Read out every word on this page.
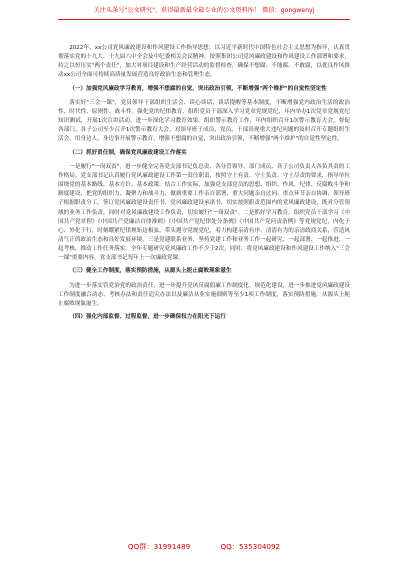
关注头条号"公文研究"，获得最新最全最专业的公文资料库！ 微信：gongwenyj

2022年，xx公司党风廉政建设和作风建设工作指导思想：以习近平新时代中国特色社会主义思想为指导，认真贯彻落实党的十九大、十九届六中全会及中纪委相关会议精神，按照集团公司党风廉政建设和作风建设工作部署和要求，持之以恒压实"两个责任"，加大对项目建设和生产经营活动的监督检查，确保不想腐、不能腐、不敢腐，以优良作风推动xx公司全面可持续高质量发展营造良好政治生态和管理生态。

（一）加强党风廉政学习教育，增强不想腐的自觉，突出政治引领，不断增强"两个维护"的自觉性坚定性

落实好"三会一课"，党员领导干部组织生活会、谈心谈话、谈话提醒等基本制度，不断增强党内政治生活的政治性、时代性、原则性、战斗性。强化党的纪律教育，组织党员干部深入学习党章党规党纪，年内举办1次党章党规党纪知识测试，开展1次宣讲活动，进一步深化学习教育效果。组织警示教育工作，年内组织召开1次警示教育大会，督促各部门、各子公司至少召开1次警示教育大会，对领导班子成员、党员、干部出现重大违纪问题的及时召开专题组织生活会，用身边人、身边事开展警示教育，增强不想腐的自觉，突出政治引领，不断增强"两个维护"的自觉性坚定性。

（二）抓好责任制，确保党风廉政建设工作落实

一是履行"一岗双责"，进一步健全完善党支部书记负总责、各分管领导、部门成员、各子公司负责人各负其责的工作格局。党支部书记认真履行党风廉政建设工作第一责任职责，按照守土有责、守土负责、守土尽责的要求，指导单位围绕党的基本路线、基本方针、基本政策，结合工作实际，加强党支部党员的思想、组织、作风、纪律、反腐败斗争和制度建设，把党的组织力、凝聚力和战斗力，做到重要工作亲自部署、重大问题亲自过问、重点环节亲自协调、领导班子根据职责分工，签订党风廉政建设责任书，党风廉政建设承诺书，切实按照职责范围内的党风廉政建设，既对分管领域的业务工作负责，同时对党风廉政建设工作负责，切实履行"一岗双责"。二是抓好学习教育。组织党员干部学习《中国共产党章程》《中国共产党廉洁自律准则》《中国共产党纪律处分条例》《中国共产党问责条例》等党规党纪，内化于心、外化于行，时刻绷紧纪律规矩这根弦，带头遵守党规党纪，着力构建亲清有序、清清有为的亲清政商关系，营造风清气正的政治生态和良好发展环境。三是党建联系业务，坚持党建工作和业务工作一起研究、一起部署、一起推进、一起考核，推动工作任务落实。全年专题研究党风廉政工作不少于2次，同时，将党风廉政建设和作风建设工作纳入"三会一课"重要内容，党支部书记每年上一次廉政党课。

（三）健全工作制度，落实预防措施，从源头上扼止腐败现象滋生

为进一步落实管党治党的政治责任，进一步提升党风反腐倡廉工作制度化、规范化建设，进一步推进党风廉政建设工作制度融合动态、考核办法和责任追究办法以及廉洁从业实施细则等至少1项工作制度，落实预防措施，从源头上扼止腐败现象滋生。

（四）强化内部监督、过程监督，进一步确保权力在阳光下运行

QQ群：31991489	QQ：535304092
